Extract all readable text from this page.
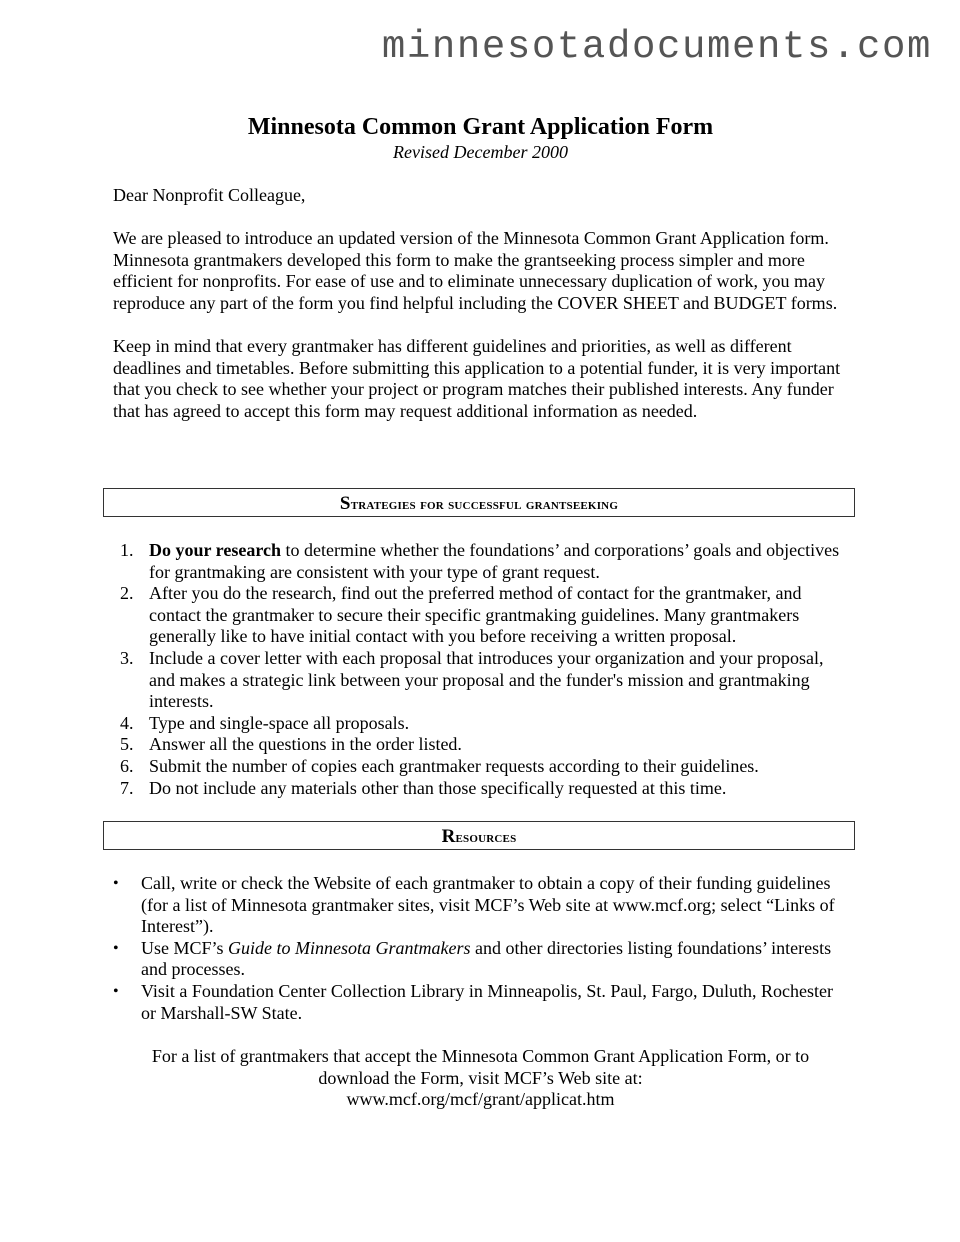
minnesotadocuments.com
Minnesota Common Grant Application Form

Revised December 2000

Dear Nonprofit Colleague,
We are pleased to introduce an updated version of the Minnesota Common Grant Application form. Minnesota grantmakers developed this form to make the grantseeking process simpler and more efficient for nonprofits. For ease of use and to eliminate unnecessary duplication of work, you may reproduce any part of the form you find helpful including the COVER SHEET and BUDGET forms.
Keep in mind that every grantmaker has different guidelines and priorities, as well as different deadlines and timetables. Before submitting this application to a potential funder, it is very important that you check to see whether your project or program matches their published interests. Any funder that has agreed to accept this form may request additional information as needed.
Strategies for successful grantseeking
1. Do your research to determine whether the foundations’ and corporations’ goals and objectives for grantmaking are consistent with your type of grant request.
2. After you do the research, find out the preferred method of contact for the grantmaker, and contact the grantmaker to secure their specific grantmaking guidelines. Many grantmakers generally like to have initial contact with you before receiving a written proposal.
3. Include a cover letter with each proposal that introduces your organization and your proposal, and makes a strategic link between your proposal and the funder's mission and grantmaking interests.
4. Type and single-space all proposals.
5. Answer all the questions in the order listed.
6. Submit the number of copies each grantmaker requests according to their guidelines.
7. Do not include any materials other than those specifically requested at this time.
Resources
• Call, write or check the Website of each grantmaker to obtain a copy of their funding guidelines (for a list of Minnesota grantmaker sites, visit MCF’s Web site at www.mcf.org; select “Links of Interest”).
• Use MCF’s Guide to Minnesota Grantmakers and other directories listing foundations’ interests and processes.
• Visit a Foundation Center Collection Library in Minneapolis, St. Paul, Fargo, Duluth, Rochester or Marshall-SW State.
For a list of grantmakers that accept the Minnesota Common Grant Application Form, or to
download the Form, visit MCF’s Web site at:
www.mcf.org/mcf/grant/applicat.htm
